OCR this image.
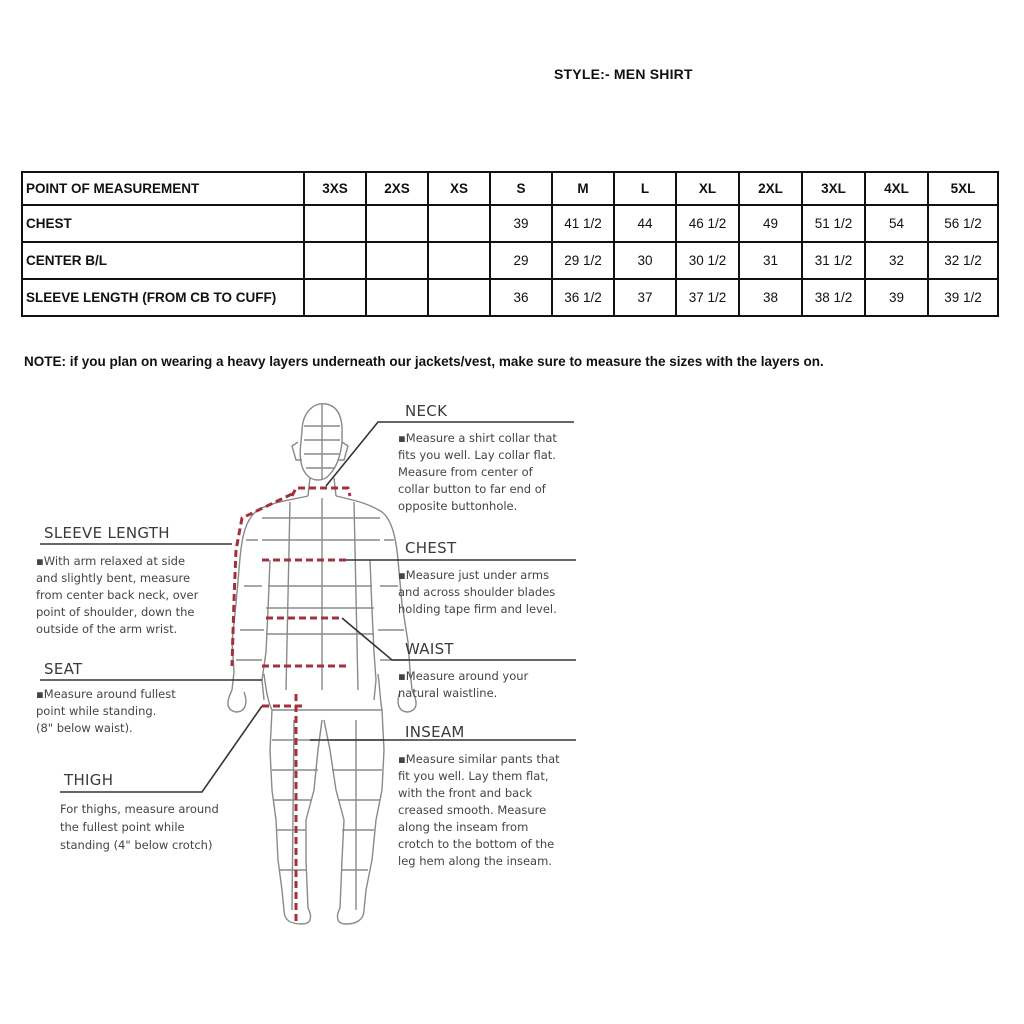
STYLE:- MEN SHIRT
POINT OF MEASUREMENT	3XS	2XS	XS	S	M	L	XL	2XL	3XL	4XL	5XL
CHEST				39	41 1/2	44	46 1/2	49	51 1/2	54	56 1/2
CENTER B/L				29	29 1/2	30	30 1/2	31	31 1/2	32	32 1/2
SLEEVE LENGTH (FROM CB TO CUFF)				36	36 1/2	37	37 1/2	38	38 1/2	39	39 1/2
NOTE: if you plan on wearing a heavy layers underneath our jackets/vest, make sure to measure the sizes with the layers on.
NECK
▪ Measure a shirt collar that
fits you well. Lay collar flat.
Measure from center of
collar button to far end of
opposite buttonhole.
CHEST
▪ Measure just under arms
and across shoulder blades
holding tape firm and level.
WAIST
▪ Measure around your
natural waistline.
INSEAM
▪ Measure similar pants that
fit you well. Lay them flat,
with the front and back
creased smooth. Measure
along the inseam from
crotch to the bottom of the
leg hem along the inseam.
SLEEVE LENGTH
▪ With arm relaxed at side
and slightly bent, measure
from center back neck, over
point of shoulder, down the
outside of the arm wrist.
SEAT
▪ Measure around fullest
point while standing.
(8" below waist).
THIGH
For thighs, measure around
the fullest point while
standing (4" below crotch)
